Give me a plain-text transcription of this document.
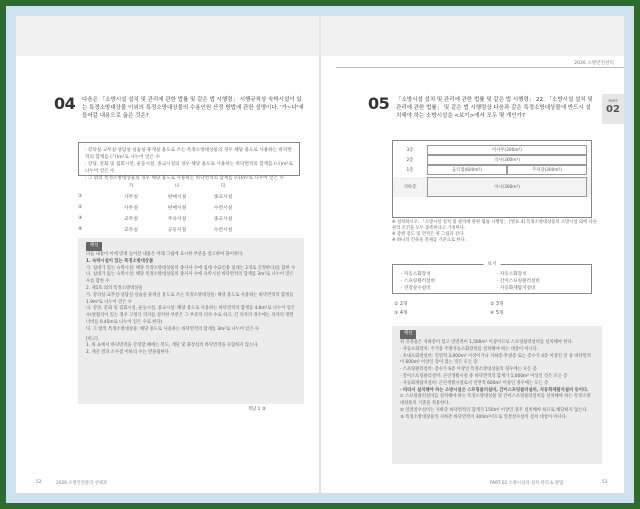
2026 소방안전관리
PART
02
04 다음은 「소방시설 설치 및 관리에 관한 법률 및 같은 법 시행령」 시행규칙상 숙박시설이 있는 특정소방대상물 이외의 특정소방대상물의 수용인원 산정 방법에 관한 설명이다. '가~다'에 들어갈 내용으로 옳은 것은?
· 강의실·교무실·상담실·실습실·휴게실 용도로 쓰는 특정소방대상물의 경우 해당 용도로 사용하는 바닥면적의 합계를 (가)m²로 나누어 얻은 수
· 강당, 문화 및 집회시설, 운동시설, 종교시설의 경우 해당 용도로 사용하는 바닥면적의 합계를 (나)m²로 나누어 얻은 수
· 그 밖의 특정소방대상물의 경우 해당 용도로 사용하는 바닥면적의 합계를 (다)m²로 나누어 얻은 수
가	나	다
①	사무실	판매시설	종교시설
②	사무실	판매시설	수련시설
③	교무실	주유시설	종교시설
④	교무실	공동시설	수련시설
해설
다음 내용이 이에 맞게 들어갈 내용은 아래 그림에 표시한 부분을 참고하여 풀이한다.
1. 숙박시설이 있는 특정소방대상물
가. 침대가 있는 숙박시설: 해당 특정소방대상물의 종사자 수에 침대 수(2인용 침대는 2개로 산정한다)를 합한 수
나. 침대가 없는 숙박시설: 해당 특정소방대상물의 종사자 수에 숙박시설 바닥면적의 합계를 3m²로 나누어 얻은 수를 합한 수
2. 제1호 외의 특정소방대상물
가. 강의실·교무실·상담실·실습실·휴게실 용도로 쓰는 특정소방대상물: 해당 용도로 사용하는 바닥면적의 합계를 1.9m²로 나누어 얻은 수
나. 강당, 문화 및 집회시설, 운동시설, 종교시설: 해당 용도로 사용하는 바닥면적의 합계를 4.6m²로 나누어 얻은 수(관람석이 있는 경우 고정식 의자를 설치한 부분은 그 부분의 의자 수로 하고, 긴 의자의 경우에는 의자의 정면너비를 0.45m로 나누어 얻은 수로 한다)
다. 그 밖의 특정소방대상물: 해당 용도로 사용하는 바닥면적의 합계를 3m²로 나누어 얻은 수
[비고]
1. 위 표에서 바닥면적을 산정할 때에는 복도, 계단 및 화장실의 바닥면적을 포함하지 않는다.
2. 계산 결과 소수점 이하의 수는 반올림한다.
정답 1 ③
52	2026 소방안전관리 선택과
05 「소방시설 설치 및 관리에 관한 법률 및 같은 법 시행령」 22. 「소방시설 설치 및 관리에 관한 법률」 및 같은 법 시행령상 다음과 같은 특정소방대상물에 반드시 설치해야 하는 소방시설을 <보기>에서 모두 몇 개인가?
3층	이사무(300m²)
2층	의사(300m²)
1층	음식점(600m²)	주차장(300m²)
지하층	이시(300m²)
※ 설치하시오: 「소방시설 설치 및 관리에 관한 법률 시행령」 [별표 4] 특정소방대상물의 소방시설 외에 다른 관리 조건을 모두 충족한다고 가정한다.
※ 층별 용도 및 면적은 위 그림과 같다.
※ 하나의 건축물 전체를 기준으로 한다.
보기
· 자동소화장치
· 스프링클러설비
· 연결살수설비
· 자동소화장치
· 간이스프링클러설비
· 자동화재탐지설비
① 2개	② 3개
③ 4개	④ 5개
해설
위 건축물은 지하층이 있고 연면적이 1,500m² 이상이므로 스프링클러설비를 설치해야 한다.
· 자동소화장치: 주거용 주방자동소화장치를 설치해야 하는 대상이 아니다.
· 옥내소화전설비: 연면적 3,000m² 이상이거나 지하층·무창층 또는 층수가 4층 이상인 것 중 바닥면적이 600m² 이상인 층이 있는 것은 모든 층
· 스프링클러설비: 층수가 6층 이상인 특정소방대상물의 경우에는 모든 층
· 간이스프링클러설비: 근린생활시설 중 바닥면적의 합계가 1,000m² 이상인 것은 모든 층
· 자동화재탐지설비: 근린생활시설로서 연면적 600m² 이상인 경우에는 모든 층
· 따라서 설치해야 하는 소방시설은 스프링클러설비, 간이스프링클러설비, 자동화재탐지설비 등이다.
① 스프링클러설비를 설치해야 하는 특정소방대상물 및 간이스프링클러설비를 설치해야 하는 특정소방대상물의 기준을 적용한다.
② 연결살수설비는 지하층 바닥면적의 합계가 150m² 이상인 경우 설치해야 하므로 해당하지 않는다.
③ 특정소방대상물의 지하층 바닥면적이 300m²이므로 연결살수설비 설치 대상이 아니다.
PART 02 소방시설의 설치 관리 & 방법	53
